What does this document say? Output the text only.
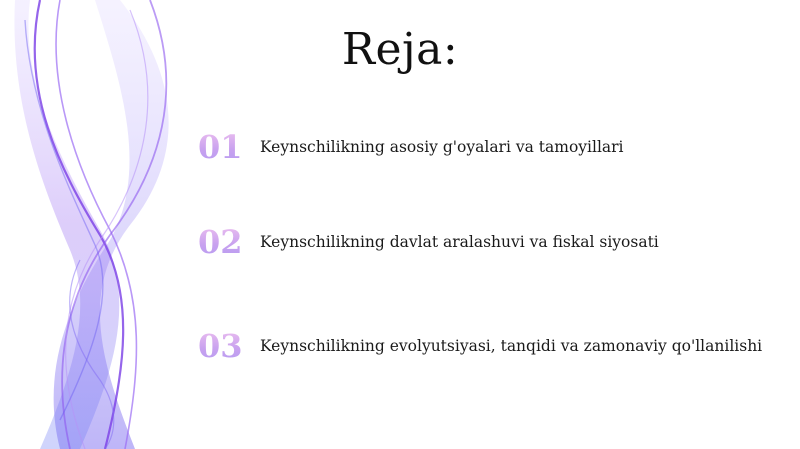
Reja:
01	Keynschilikning asosiy g'oyalari va tamoyillari
02	Keynschilikning davlat aralashuvi va fiskal siyosati
03	Keynschilikning evolyutsiyasi, tanqidi va zamonaviy qo'llanilishi
